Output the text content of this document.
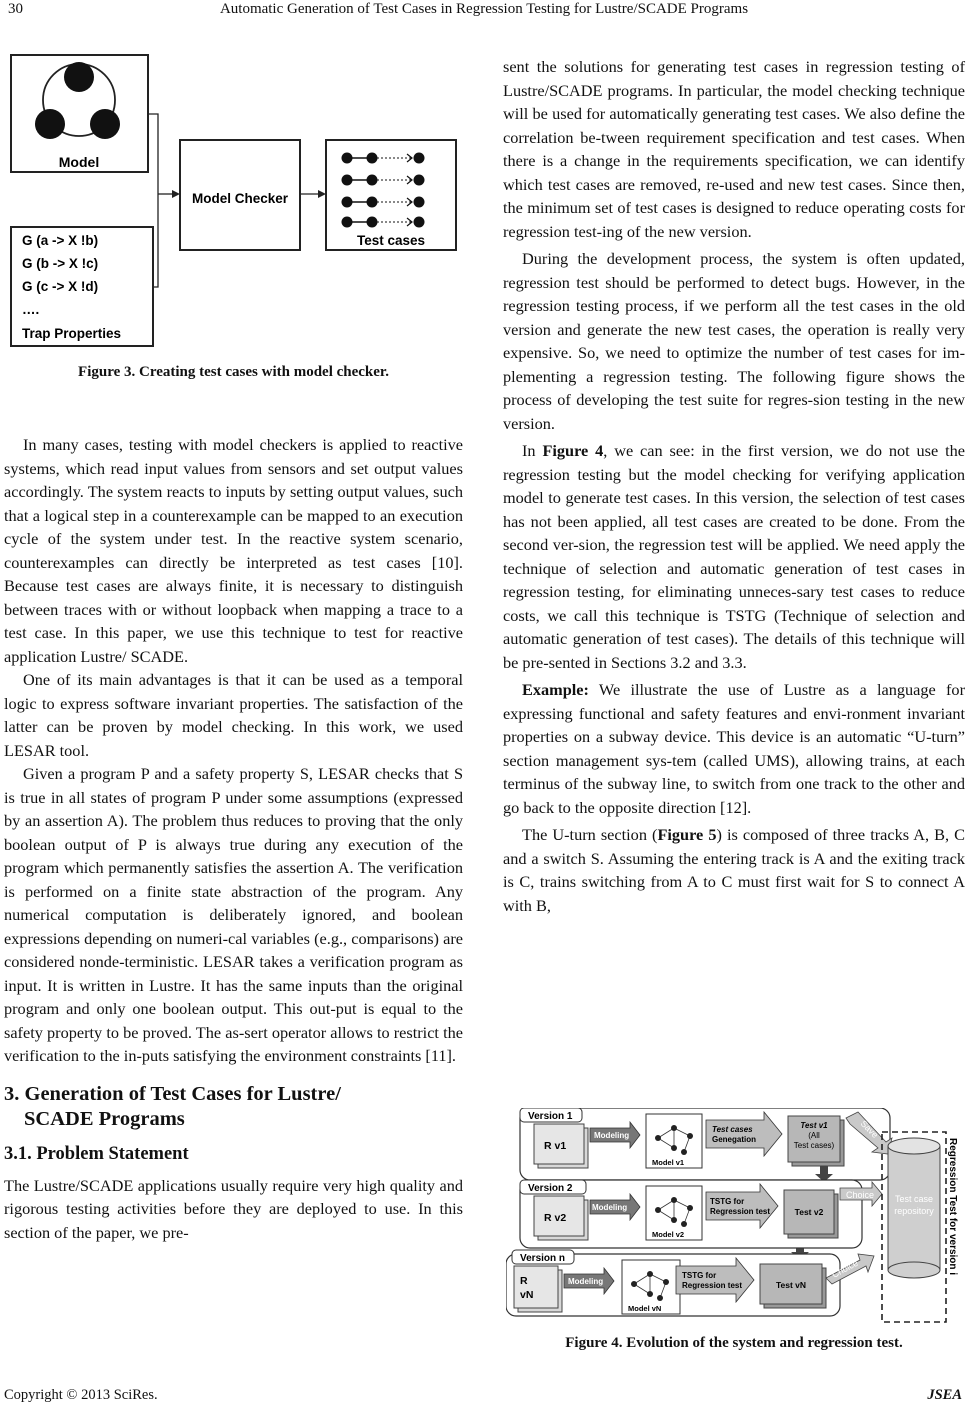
30	Automatic Generation of Test Cases in Regression Testing for Lustre/SCADE Programs
Model
G (a -> X !b)
G (b -> X !c)
G (c -> X !d)
….
Trap Properties
Model Checker
Test cases
Figure 3. Creating test cases with model checker.

In many cases, testing with model checkers is applied to reactive systems, which read input values from sensors and set output values accordingly. The system reacts to inputs by setting output values, such that a logical step in a counterexample can be mapped to an execution cycle of the system under test. In the reactive system scenario, counterexamples can directly be interpreted as test cases [10]. Because test cases are always finite, it is necessary to distinguish between traces with or without loopback when mapping a trace to a test case. In this paper, we use this technique to test for reactive application Lustre/ SCADE.

One of its main advantages is that it can be used as a temporal logic to express software invariant properties. The satisfaction of the latter can be proven by model checking. In this work, we used LESAR tool.

Given a program P and a safety property S, LESAR checks that S is true in all states of program P under some assumptions (expressed by an assertion A). The problem thus reduces to proving that the only boolean output of P is always true during any execution of the program which permanently satisfies the assertion A. The verification is performed on a finite state abstraction of the program. Any numerical computation is deliberately ignored, and boolean expressions depending on numeri-cal variables (e.g., comparisons) are considered nonde-terministic. LESAR takes a verification program as input. It is written in Lustre. It has the same inputs than the original program and only one boolean output. This out-put is equal to the safety property to be proved. The as-sert operator allows to restrict the verification to the in-puts satisfying the environment constraints [11].

3. Generation of Test Cases for Lustre/
SCADE Programs
3.1. Problem Statement

The Lustre/SCADE applications usually require very high quality and rigorous testing activities before they are deployed to use. In this section of the paper, we pre-

sent the solutions for generating test cases in regression testing of Lustre/SCADE programs. In particular, the model checking technique will be used for automatically generating test cases. We also define the correlation be-tween requirement specification and test cases. When there is a change in the requirements specification, we can identify which test cases are removed, re-used and new test cases. Since then, the minimum set of test cases is designed to reduce operating costs for regression test-ing of the new version.

During the development process, the system is often updated, regression test should be performed to detect bugs. However, in the regression testing process, if we perform all the test cases in the old version and generate the new test cases, the operation is really very expensive. So, we need to optimize the number of test cases for im-plementing a regression testing. The following figure shows the process of developing the test suite for regres-sion testing in the new version.

In Figure 4, we can see: in the first version, we do not use the regression testing but the model checking for verifying application model to generate test cases. In this version, the selection of test cases has not been applied, all test cases are created to be done. From the second ver-sion, the regression test will be applied. We need apply the technique of selection and automatic generation of test cases in regression testing, for eliminating unneces-sary test cases to reduce costs, we call this technique is TSTG (Technique of selection and automatic generation of test cases). The details of this technique will be pre-sented in Sections 3.2 and 3.3.

Example: We illustrate the use of Lustre as a language for expressing functional and safety features and envi-ronment invariant properties on a subway device. This device is an automatic “U-turn” section management sys-tem (called UMS), allowing trains, at each terminus of the subway line, to switch from one track to the other and go back to the opposite direction [12].

The U-turn section (Figure 5) is composed of three tracks A, B, C and a switch S. Assuming the entering track is A and the exiting track is C, trains switching from A to C must first wait for S to connect A with B,

Version 1
R v1
Modeling
Model v1
Test cases
Genegation
Test v1
(All
Test cases)
Save
Version 2
R v2
Modeling
Model v2
TSTG for
Regression test	Test v2
Choice
Version n
R
vN
Modeling
Model vN
TSTG for
Regression test	Test vN
Choice
Test case
repository Regression Test for version i
Figure 4. Evolution of the system and regression test.
Copyright © 2013 SciRes.	JSEA
